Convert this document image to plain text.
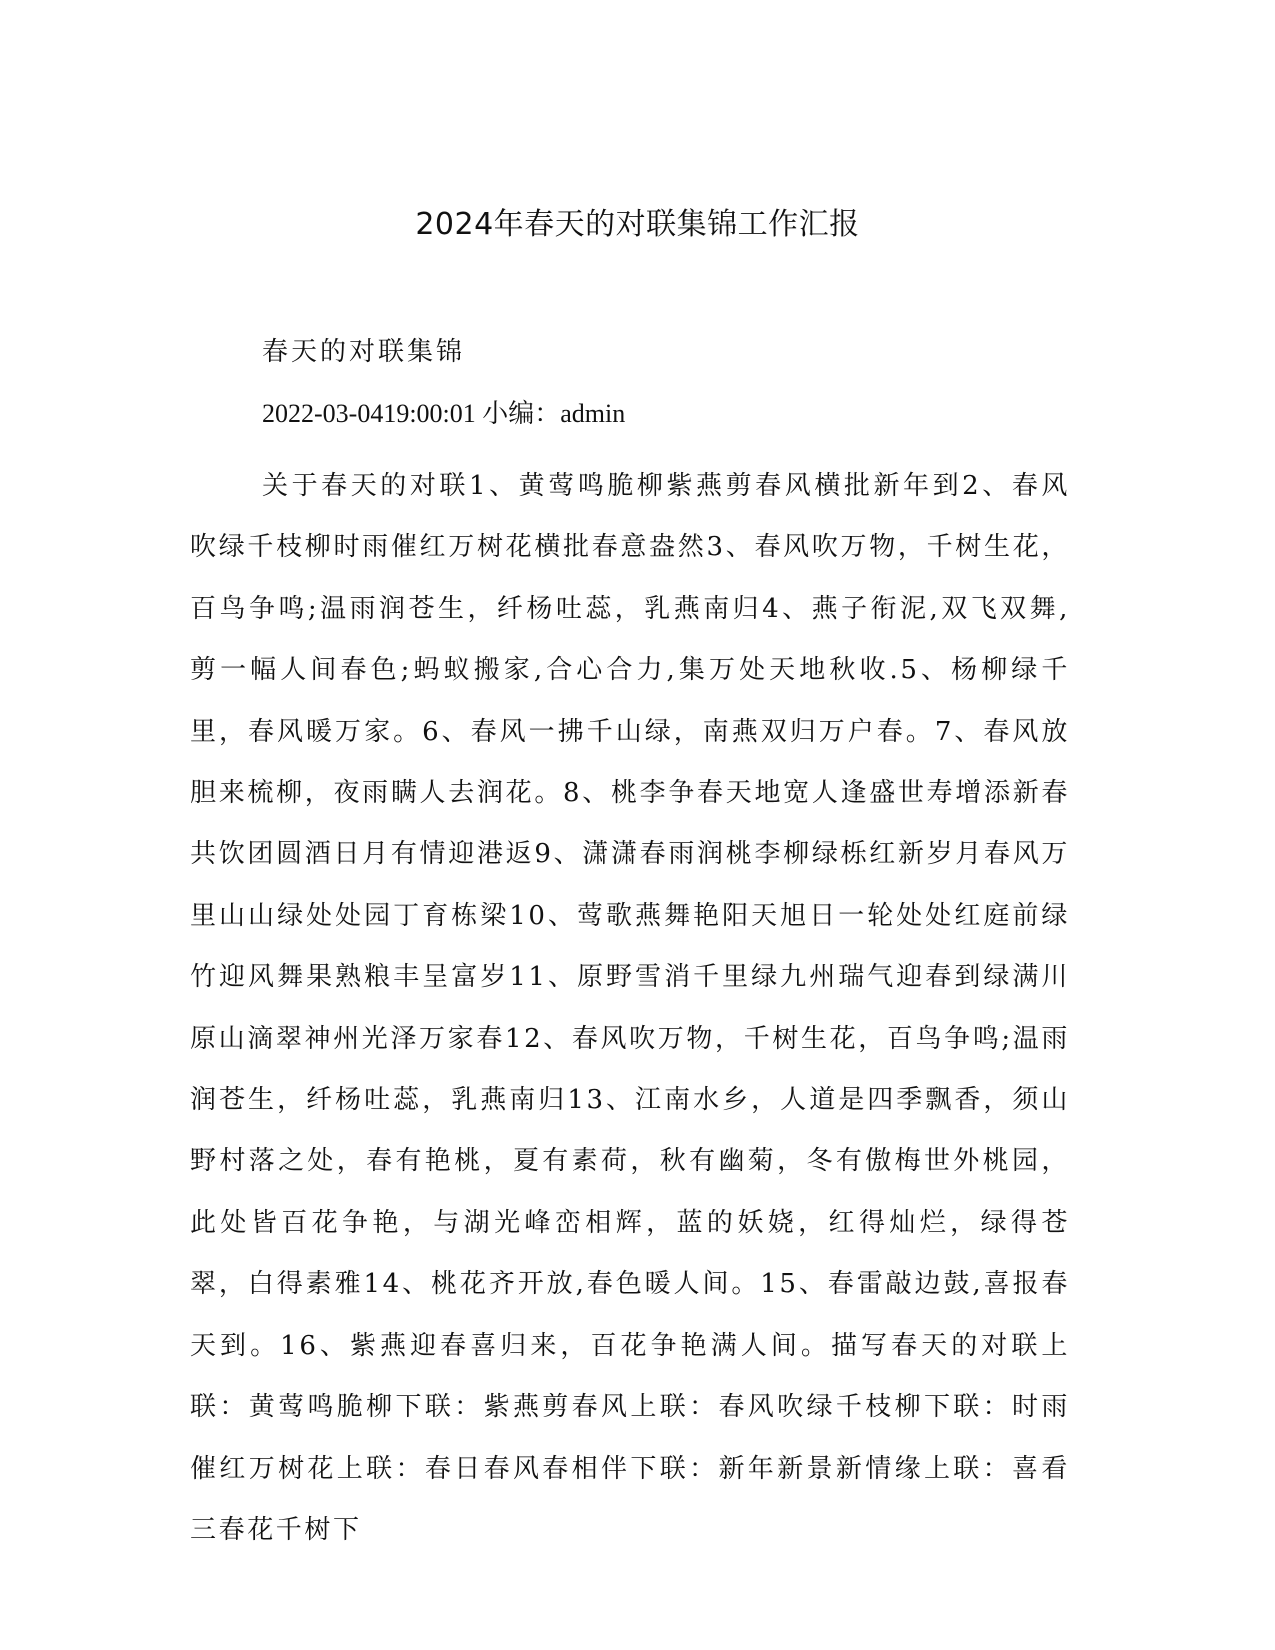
2024年春天的对联集锦工作汇报
春天的对联集锦
2022-03-0419:00:01 小编：admin

关于春天的对联1、黄莺鸣脆柳紫燕剪春风横批新年到2、春风吹绿千枝柳时雨催红万树花横批春意盎然3、春风吹万物，千树生花，百鸟争鸣;温雨润苍生，纤杨吐蕊，乳燕南归4、燕子衔泥,双飞双舞,剪一幅人间春色;蚂蚁搬家,合心合力,集万处天地秋收.5、杨柳绿千里，春风暖万家。6、春风一拂千山绿，南燕双归万户春。7、春风放胆来梳柳，夜雨瞒人去润花。8、桃李争春天地宽人逢盛世寿增添新春共饮团圆酒日月有情迎港返9、潇潇春雨润桃李柳绿栎红新岁月春风万里山山绿处处园丁育栋梁10、莺歌燕舞艳阳天旭日一轮处处红庭前绿竹迎风舞果熟粮丰呈富岁11、原野雪消千里绿九州瑞气迎春到绿满川原山滴翠神州光泽万家春12、春风吹万物，千树生花，百鸟争鸣;温雨润苍生，纤杨吐蕊，乳燕南归13、江南水乡，人道是四季飘香，须山野村落之处，春有艳桃，夏有素荷，秋有幽菊，冬有傲梅世外桃园，此处皆百花争艳，与湖光峰峦相辉，蓝的妖娆，红得灿烂，绿得苍翠，白得素雅14、桃花齐开放,春色暖人间。15、春雷敲边鼓,喜报春天到。16、紫燕迎春喜归来，百花争艳满人间。描写春天的对联上联：黄莺鸣脆柳下联：紫燕剪春风上联：春风吹绿千枝柳下联：时雨催红万树花上联：春日春风春相伴下联：新年新景新情缘上联：喜看三春花千树下
